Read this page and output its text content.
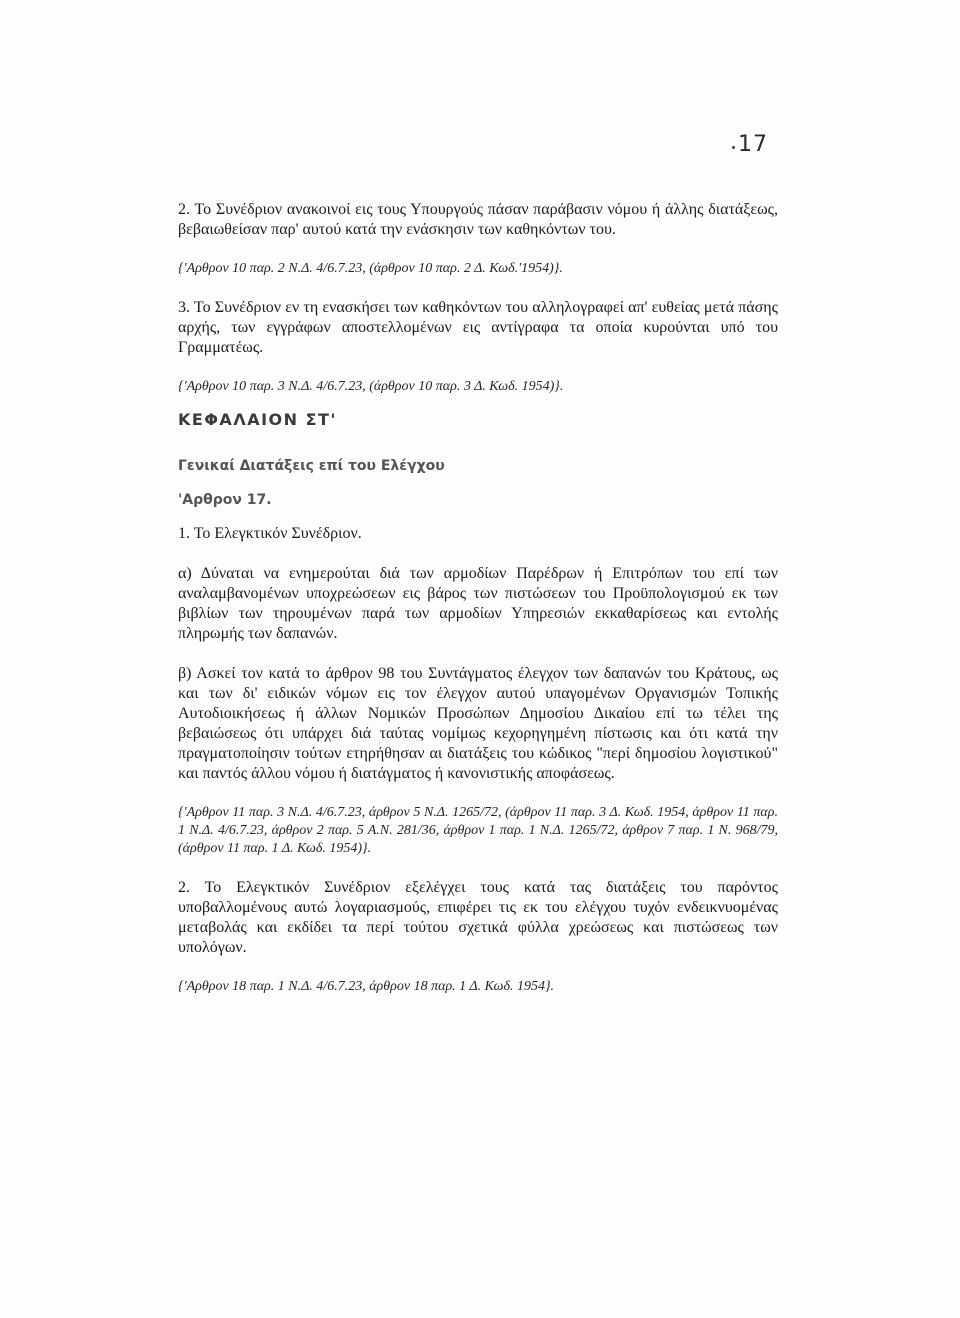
17

2. Το Συνέδριον ανακοινοί εις τους Υπουργούς πάσαν παράβασιν νόμου ή άλλης διατάξεως, βεβαιωθείσαν παρ' αυτού κατά την ενάσκησιν των καθηκόντων του.

{'Αρθρον 10 παρ. 2 Ν.Δ. 4/6.7.23, (άρθρον 10 παρ. 2 Δ. Κωδ.'1954)}.

3. Το Συνέδριον εν τη ενασκήσει των καθηκόντων του αλληλογραφεί απ' ευθείας μετά πάσης αρχής, των εγγράφων αποστελλομένων εις αντίγραφα τα οποία κυρούνται υπό του Γραμματέως.

{'Αρθρον 10 παρ. 3 Ν.Δ. 4/6.7.23, (άρθρον 10 παρ. 3 Δ. Κωδ. 1954)}.

ΚΕΦΑΛΑΙΟΝ ΣΤ'

Γενικαί Διατάξεις επί του Ελέγχου

'Αρθρον 17.

1. Το Ελεγκτικόν Συνέδριον.

α) Δύναται να ενημερούται διά των αρμοδίων Παρέδρων ή Επιτρόπων του επί των αναλαμβανομένων υποχρεώσεων εις βάρος των πιστώσεων του Προϋπολογισμού εκ των βιβλίων των τηρουμένων παρά των αρμοδίων Υπηρεσιών εκκαθαρίσεως και εντολής πληρωμής των δαπανών.

β) Ασκεί τον κατά το άρθρον 98 του Συντάγματος έλεγχον των δαπανών του Κράτους, ως και των δι' ειδικών νόμων εις τον έλεγχον αυτού υπαγομένων Οργανισμών Τοπικής Αυτοδιοικήσεως ή άλλων Νομικών Προσώπων Δημοσίου Δικαίου επί τω τέλει της βεβαιώσεως ότι υπάρχει διά ταύτας νομίμως κεχορηγημένη πίστωσις και ότι κατά την πραγματοποίησιν τούτων ετηρήθησαν αι διατάξεις του κώδικος "περί δημοσίου λογιστικού" και παντός άλλου νόμου ή διατάγματος ή κανονιστικής αποφάσεως.

{'Αρθρον 11 παρ. 3 Ν.Δ. 4/6.7.23, άρθρον 5 Ν.Δ. 1265/72, (άρθρον 11 παρ. 3 Δ. Κωδ. 1954, άρθρον 11 παρ. 1 Ν.Δ. 4/6.7.23, άρθρον 2 παρ. 5 Α.Ν. 281/36, άρθρον 1 παρ. 1 Ν.Δ. 1265/72, άρθρον 7 παρ. 1 Ν. 968/79, (άρθρον 11 παρ. 1 Δ. Κωδ. 1954)}.

2. Το Ελεγκτικόν Συνέδριον εξελέγχει τους κατά τας διατάξεις του παρόντος υποβαλλομένους αυτώ λογαριασμούς, επιφέρει τις εκ του ελέγχου τυχόν ενδεικνυομένας μεταβολάς και εκδίδει τα περί τούτου σχετικά φύλλα χρεώσεως και πιστώσεως των υπολόγων.

{'Αρθρον 18 παρ. 1 Ν.Δ. 4/6.7.23, άρθρον 18 παρ. 1 Δ. Κωδ. 1954}.
